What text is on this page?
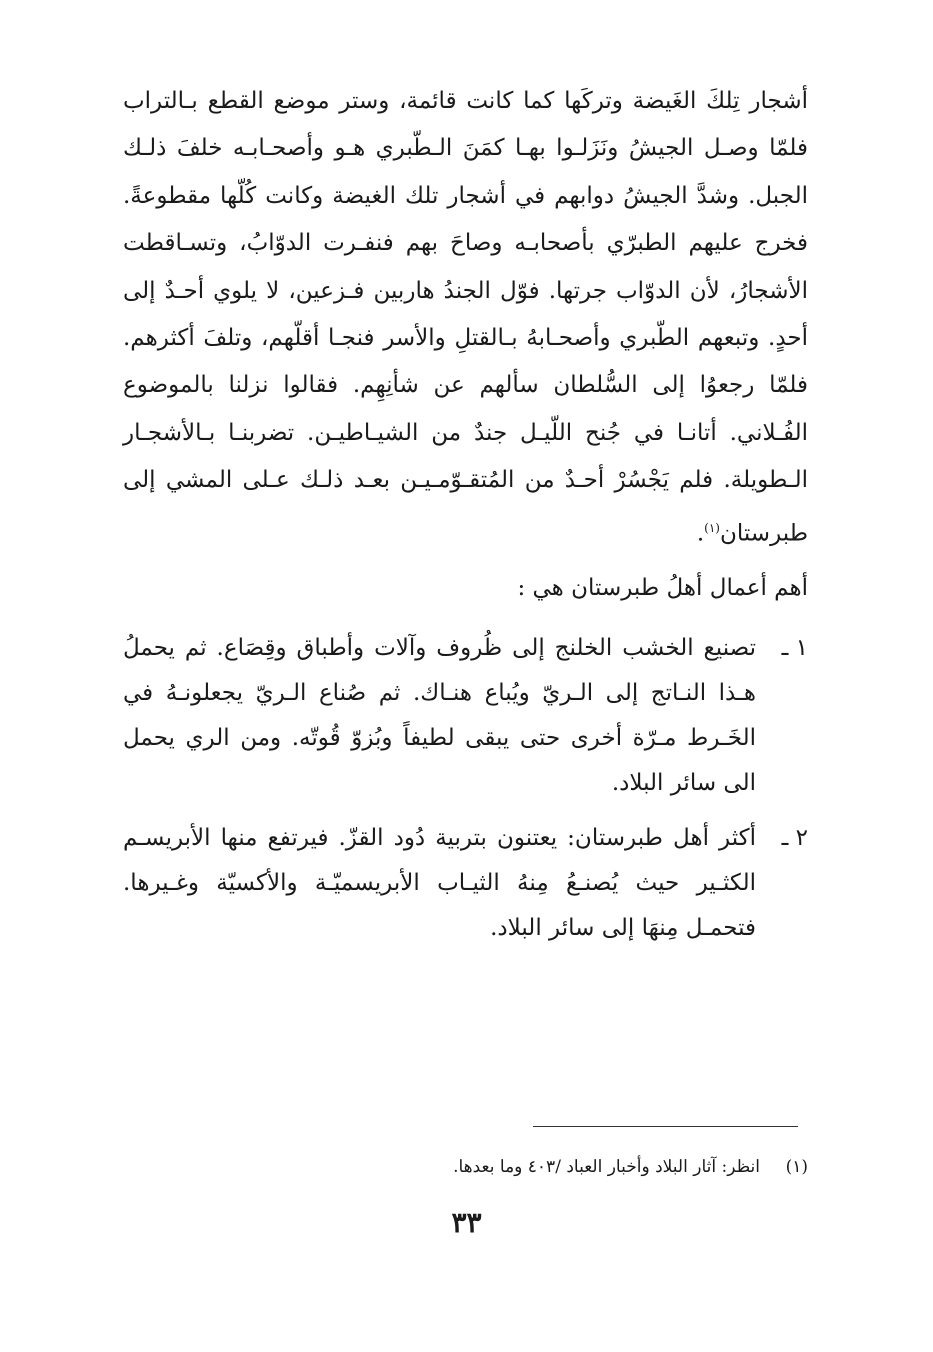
أشجار تِلكَ الغَيضة وتركَها كما كانت قائمة، وستر موضع القطع بـالتراب فلمّا وصـل الجيشُ ونَزَلـوا بهـا كمَنَ الـطّبري هـو وأصحـابـه خلفَ ذلـك الجبل. وشدَّ الجيشُ دوابهم في أشجار تلك الغيضة وكانت كُلّها مقطوعةً. فخرج عليهم الطبرّي بأصحابـه وصاحَ بهم فنفـرت الدوّابُ، وتسـاقطت الأشجارُ، لأن الدوّاب جرتها. فوّل الجندُ هاربين فـزعين، لا يلوي أحـدٌ إلى أحدٍ. وتبعهم الطّبري وأصحـابهُ بـالقتلِ والأسر فنجـا أقلّهم، وتلفَ أكثرهم. فلمّا رجعوُا إلى السُّلطان سألهم عن شأنِهِم. فقالوا نزلنا بالموضوع الفُـلاني. أتانـا في جُنح اللّيـل جندٌ من الشيـاطيـن. تضربنـا بـالأشجـار الـطويلة. فلم يَجْسُرْ أحـدٌ من المُتقـوّمـيـن بعـد ذلـك عـلى المشي إلى طبرستان$^{(١)}$.

أهم أعمال أهلُ طبرستان هي :

١ ـ
تصنيع الخشب الخلنج إلى ظُروف وآلات وأطباق وقِصَاع. ثم يحملُ هـذا النـاتج إلى الـريّ ويُباع هنـاك. ثم صُناع الـريّ يجعلونـهُ في الخَـرط مـرّة أخرى حتى يبقى لطيفاً وبُزوّ قُوتّه. ومن الري يحمل الى سائر البلاد.
٢ ـ
أكثر أهل طبرستان: يعتنون بتربية دُود القزّ. فيرتفع منها الأبريسـم الكثـير حيث يُصنـعُ مِنهُ الثيـاب الأبريسميّـة والأكسيّة وغـيرها. فتحمـل مِنهَا إلى سائر البلاد.
(١)انظر: آثار البلاد وأخبار العباد /٤٠٣ وما بعدها.
٣٣
